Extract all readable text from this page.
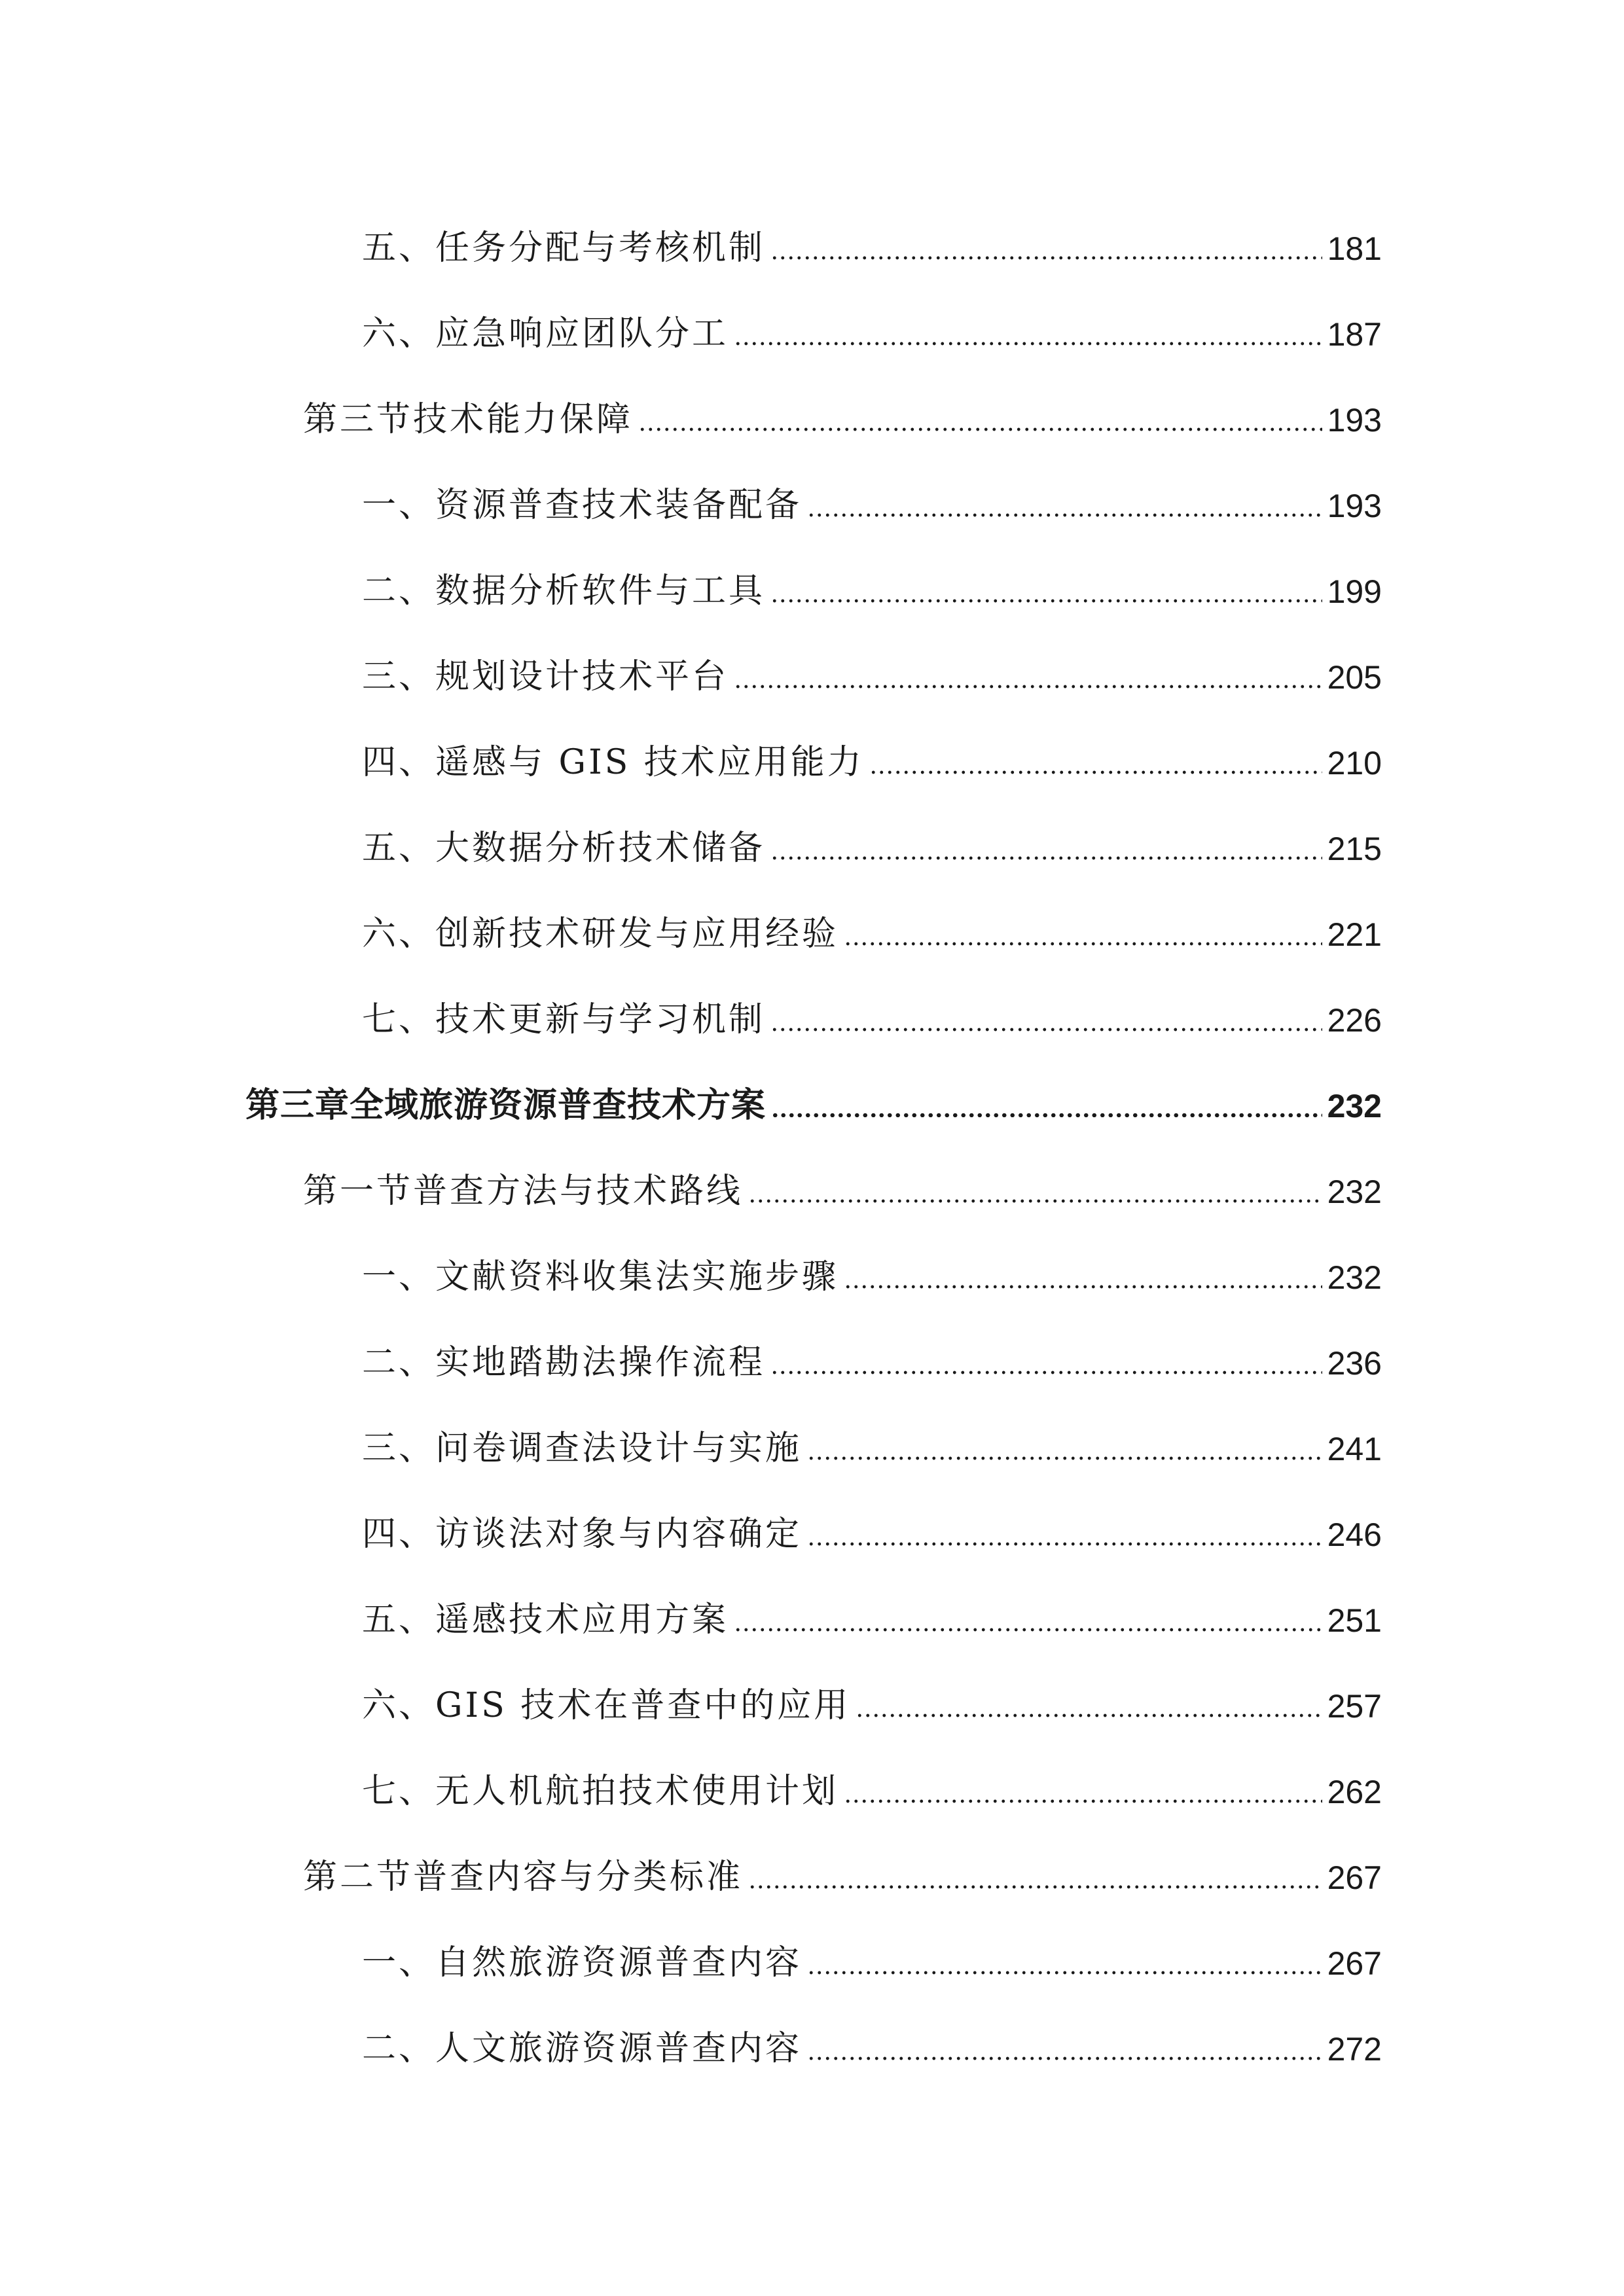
五、任务分配与考核机制	181
六、应急响应团队分工	187
第三节技术能力保障	193
一、资源普查技术装备配备	193
二、数据分析软件与工具	199
三、规划设计技术平台	205
四、遥感与 GIS 技术应用能力	210
五、大数据分析技术储备	215
六、创新技术研发与应用经验	221
七、技术更新与学习机制	226
第三章全域旅游资源普查技术方案	232
第一节普查方法与技术路线	232
一、文献资料收集法实施步骤	232
二、实地踏勘法操作流程	236
三、问卷调查法设计与实施	241
四、访谈法对象与内容确定	246
五、遥感技术应用方案	251
六、GIS 技术在普查中的应用	257
七、无人机航拍技术使用计划	262
第二节普查内容与分类标准	267
一、自然旅游资源普查内容	267
二、人文旅游资源普查内容	272
